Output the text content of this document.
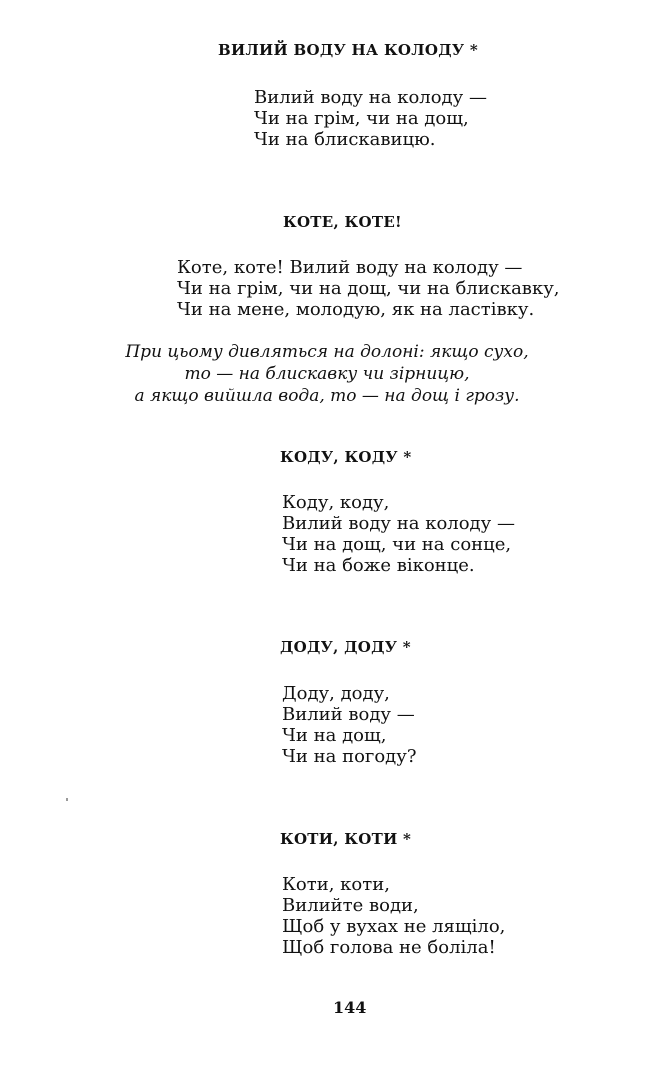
ВИЛИЙ ВОДУ НА КОЛОДУ *
Вилий воду на колоду —
Чи на грім, чи на дощ,
Чи на блискавицю.
КОТЕ, КОТЕ!
Коте, коте! Вилий воду на колоду —
Чи на грім, чи на дощ, чи на блискавку,
Чи на мене, молодую, як на ластівку.
При цьому дивляться на долоні: якщо сухо,
то — на блискавку чи зірницю,
а якщо вийшла вода, то — на дощ і грозу.
КОДУ, КОДУ *
Коду, коду,
Вилий воду на колоду —
Чи на дощ, чи на сонце,
Чи на боже віконце.
ДОДУ, ДОДУ *
Доду, доду,
Вилий воду —
Чи на дощ,
Чи на погоду?
КОТИ, КОТИ *
Коти, коти,
Вилийте води,
Щоб у вухах не лящіло,
Щоб голова не боліла!
144
